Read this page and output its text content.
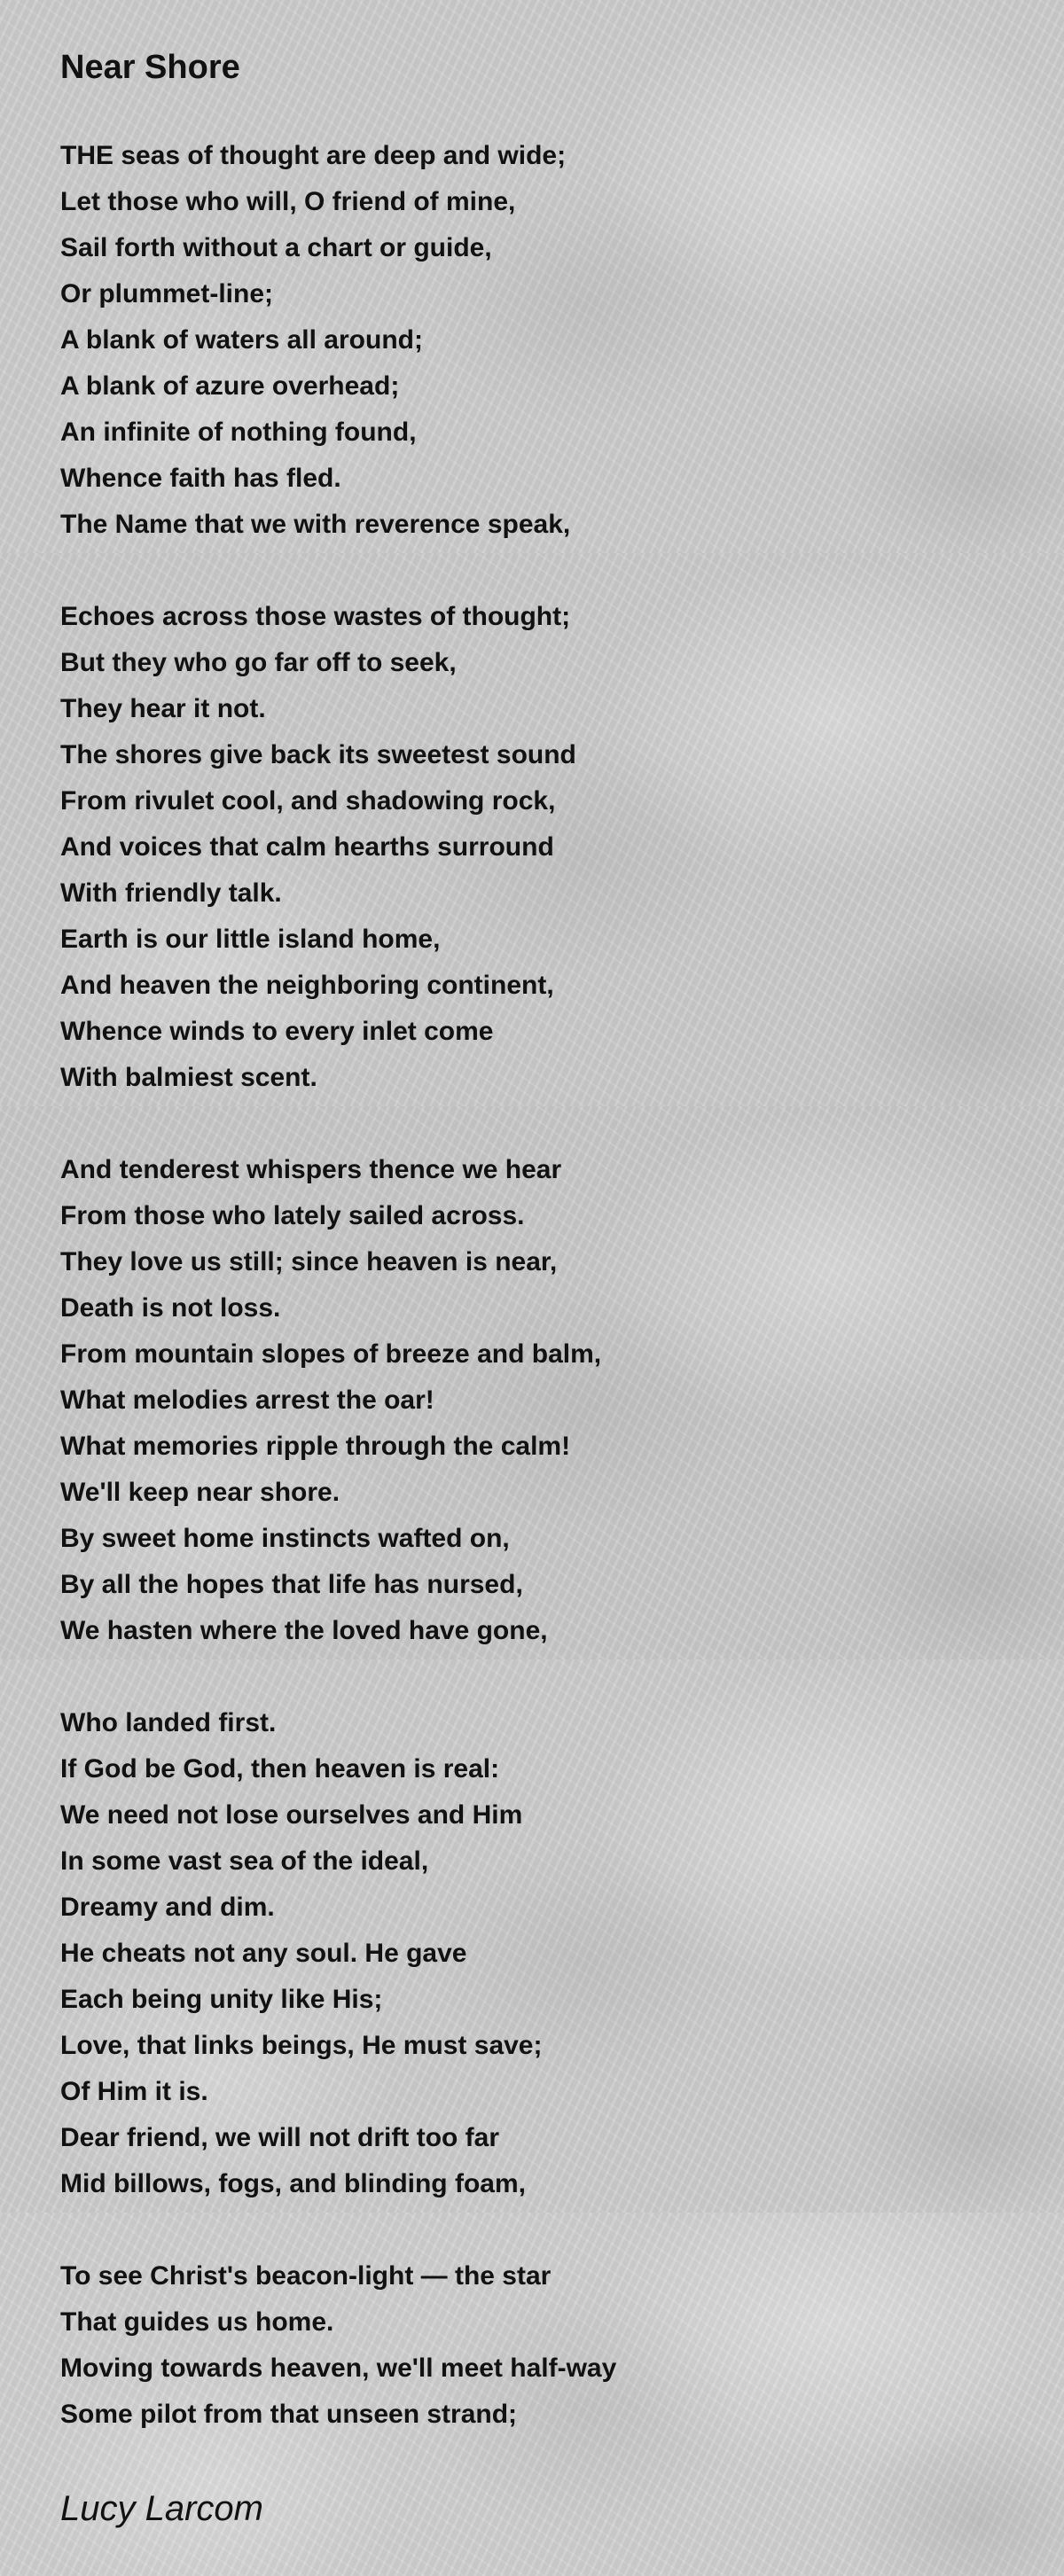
Near Shore
THE seas of thought are deep and wide;
Let those who will, O friend of mine,
Sail forth without a chart or guide,
Or plummet-line;
A blank of waters all around;
A blank of azure overhead;
An infinite of nothing found,
Whence faith has fled.
The Name that we with reverence speak,
Echoes across those wastes of thought;
But they who go far off to seek,
They hear it not.
The shores give back its sweetest sound
From rivulet cool, and shadowing rock,
And voices that calm hearths surround
With friendly talk.
Earth is our little island home,
And heaven the neighboring continent,
Whence winds to every inlet come
With balmiest scent.
And tenderest whispers thence we hear
From those who lately sailed across.
They love us still; since heaven is near,
Death is not loss.
From mountain slopes of breeze and balm,
What melodies arrest the oar!
What memories ripple through the calm!
We'll keep near shore.
By sweet home instincts wafted on,
By all the hopes that life has nursed,
We hasten where the loved have gone,
Who landed first.
If God be God, then heaven is real:
We need not lose ourselves and Him
In some vast sea of the ideal,
Dreamy and dim.
He cheats not any soul. He gave
Each being unity like His;
Love, that links beings, He must save;
Of Him it is.
Dear friend, we will not drift too far
Mid billows, fogs, and blinding foam,
To see Christ's beacon-light — the star
That guides us home.
Moving towards heaven, we'll meet half-way
Some pilot from that unseen strand;

Lucy Larcom
